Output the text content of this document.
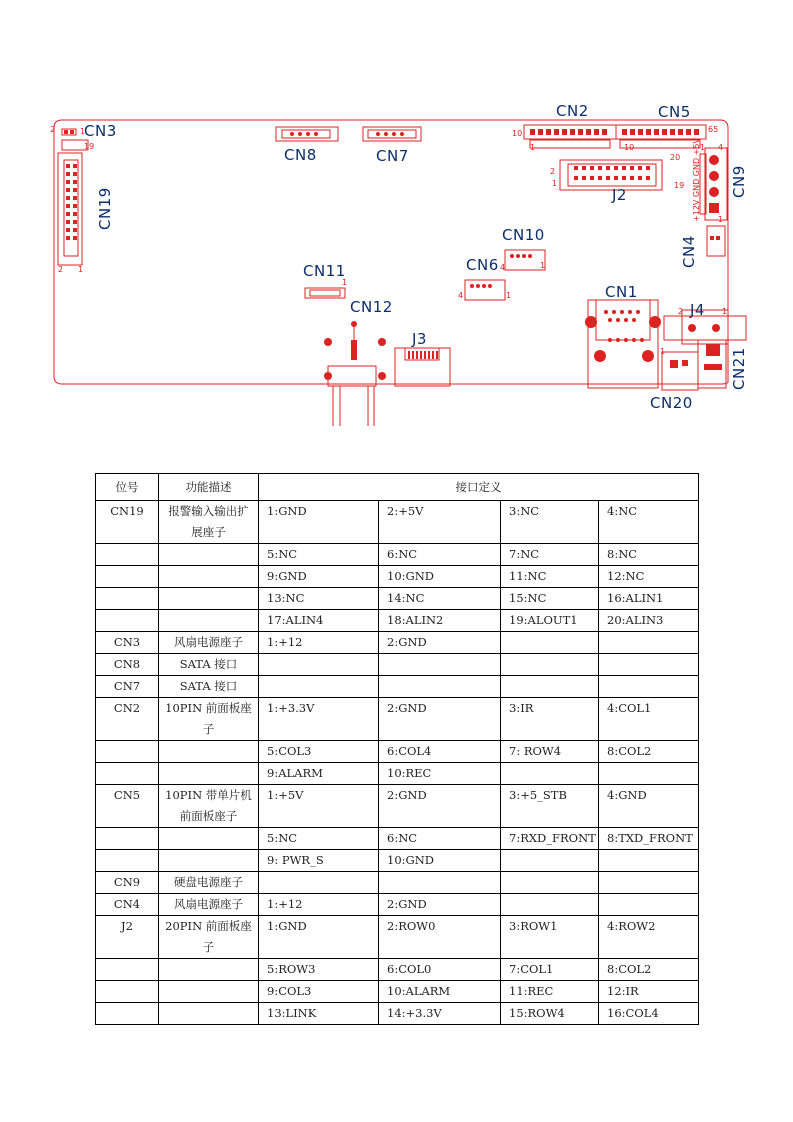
CN3
CN8	CN7
CN2	CN5
J2
CN10
CN11	CN6
CN1
J4
CN12
J3
CN20
CN19
CN9
CN4
CN21
2	1
19
2 1
10
1
65
10	1
20
19
2
1
4
1
+12V GND GND +5V
4	1
4	1
1
2	1
1
位号	功能描述	接口定义			
CN19	报警输入输出扩展座子	1:GND	2:+5V	3:NC	4:NC
		5:NC	6:NC	7:NC	8:NC
		9:GND	10:GND	11:NC	12:NC
		13:NC	14:NC	15:NC	16:ALIN1
		17:ALIN4	18:ALIN2	19:ALOUT1	20:ALIN3
CN3	风扇电源座子	1:+12	2:GND		
CN8	SATA 接口				
CN7	SATA 接口				
CN2	10PIN 前面板座子	1:+3.3V	2:GND	3:IR	4:COL1
		5:COL3	6:COL4	7: ROW4	8:COL2
		9:ALARM	10:REC		
CN5	10PIN 带单片机前面板座子	1:+5V	2:GND	3:+5_STB	4:GND
		5:NC	6:NC	7:RXD_FRONT	8:TXD_FRONT
		9: PWR_S	10:GND		
CN9	硬盘电源座子				
CN4	风扇电源座子	1:+12	2:GND		
J2	20PIN 前面板座子	1:GND	2:ROW0	3:ROW1	4:ROW2
		5:ROW3	6:COL0	7:COL1	8:COL2
		9:COL3	10:ALARM	11:REC	12:IR
		13:LINK	14:+3.3V	15:ROW4	16:COL4
